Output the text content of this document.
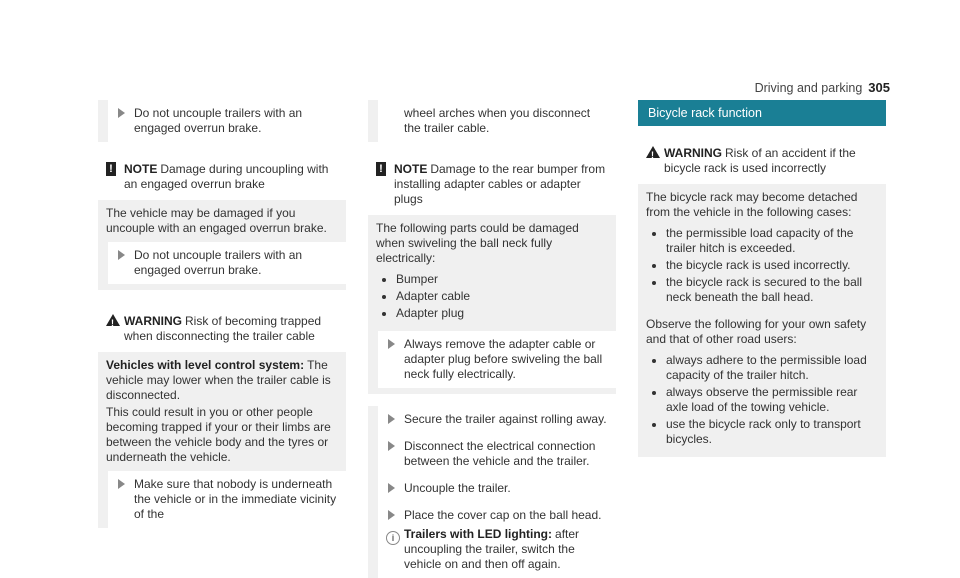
Driving and parking 305
Do not uncouple trailers with an engaged overrun brake.
! NOTE Damage during uncoupling with an engaged overrun brake
The vehicle may be damaged if you uncouple with an engaged overrun brake.
Do not uncouple trailers with an engaged overrun brake.
! WARNING Risk of becoming trapped when disconnecting the trailer cable
Vehicles with level control system: The vehicle may lower when the trailer cable is disconnected.
This could result in you or other people becoming trapped if your or their limbs are between the vehicle body and the tyres or underneath the vehicle.
Make sure that nobody is underneath the vehicle or in the immediate vicinity of the
wheel arches when you disconnect the trailer cable.
! NOTE Damage to the rear bumper from installing adapter cables or adapter plugs
The following parts could be damaged when swiveling the ball neck fully electrically:
• Bumper
• Adapter cable
• Adapter plug
Always remove the adapter cable or adapter plug before swiveling the ball neck fully electrically.
Secure the trailer against rolling away.
Disconnect the electrical connection between the vehicle and the trailer.
Uncouple the trailer.
Place the cover cap on the ball head.
i Trailers with LED lighting: after uncoupling the trailer, switch the vehicle on and then off again.
Bicycle rack function
! WARNING Risk of an accident if the bicycle rack is used incorrectly
The bicycle rack may become detached from the vehicle in the following cases:
• the permissible load capacity of the trailer hitch is exceeded.
• the bicycle rack is used incorrectly.
• the bicycle rack is secured to the ball neck beneath the ball head.
Observe the following for your own safety and that of other road users:
• always adhere to the permissible load capacity of the trailer hitch.
• always observe the permissible rear axle load of the towing vehicle.
• use the bicycle rack only to transport bicycles.
